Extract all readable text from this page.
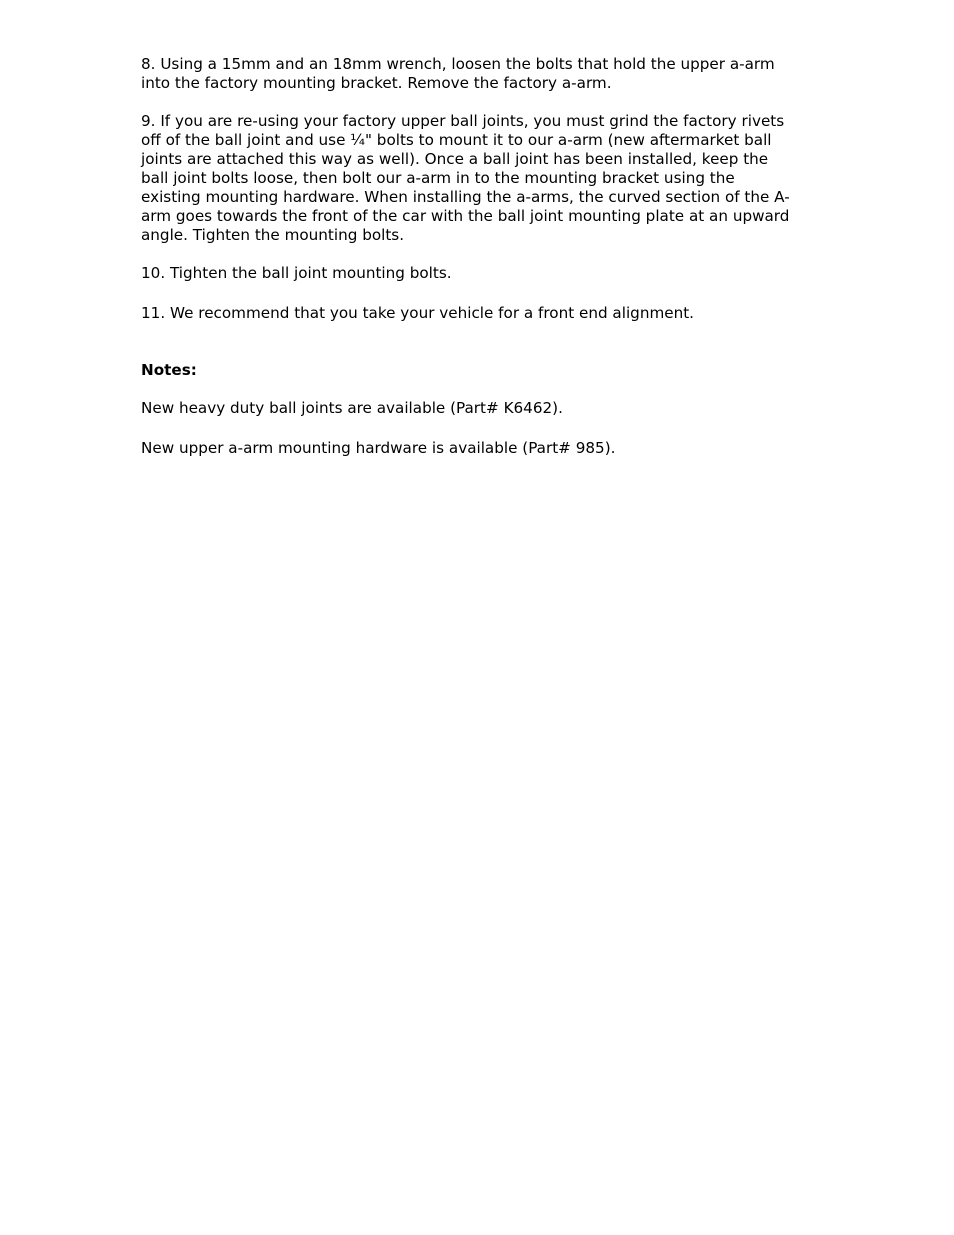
8. Using a 15mm and an 18mm wrench, loosen the bolts that hold the upper a-arm
into the factory mounting bracket. Remove the factory a-arm.

9. If you are re-using your factory upper ball joints, you must grind the factory rivets
off of the ball joint and use ¼" bolts to mount it to our a-arm (new aftermarket ball
joints are attached this way as well). Once a ball joint has been installed, keep the
ball joint bolts loose, then bolt our a-arm in to the mounting bracket using the
existing mounting hardware. When installing the a-arms, the curved section of the A-
arm goes towards the front of the car with the ball joint mounting plate at an upward
angle. Tighten the mounting bolts.

10. Tighten the ball joint mounting bolts.

11. We recommend that you take your vehicle for a front end alignment.

Notes:

New heavy duty ball joints are available (Part# K6462).

New upper a-arm mounting hardware is available (Part# 985).
